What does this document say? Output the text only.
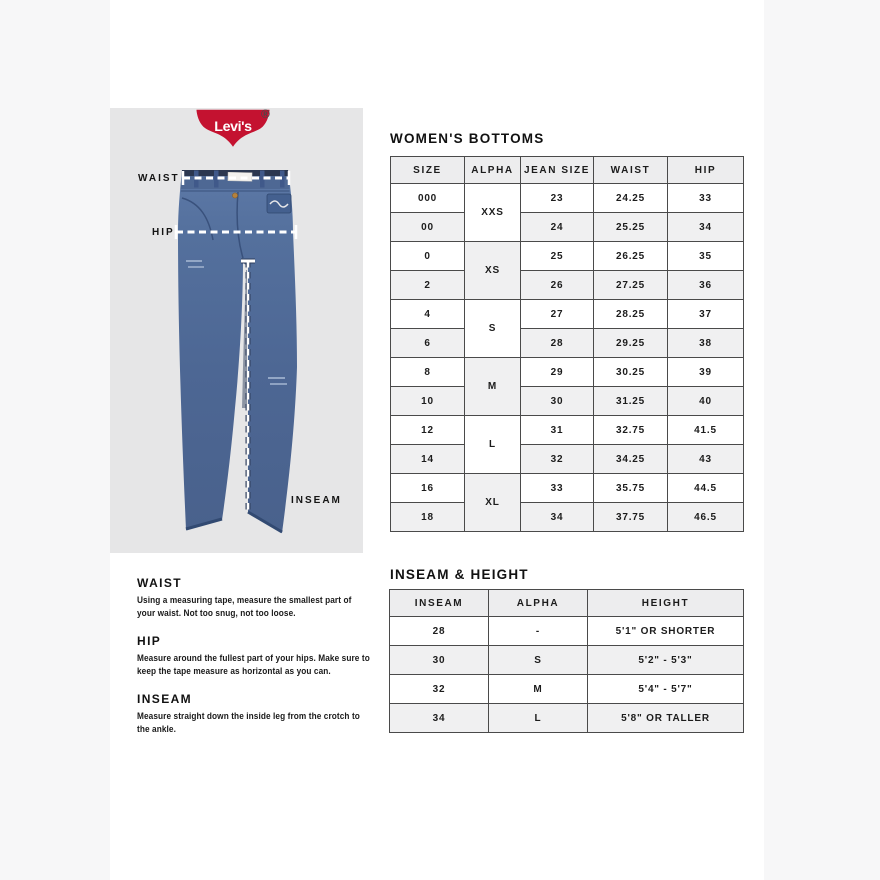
Levi's
®
WAIST
HIP
INSEAM
WOMEN'S BOTTOMS
SIZE	ALPHA	JEAN SIZE	WAIST	HIP
000	XXS	23	24.25	33
00		24	25.25	34
0	XS	25	26.25	35
2		26	27.25	36
4	S	27	28.25	37
6		28	29.25	38
8	M	29	30.25	39
10		30	31.25	40
12	L	31	32.75	41.5
14		32	34.25	43
16	XL	33	35.75	44.5
18		34	37.75	46.5
WAIST

Using a measuring tape, measure the smallest part of your waist. Not too snug, not too loose.

HIP

Measure around the fullest part of your hips. Make sure to keep the tape measure as horizontal as you can.

INSEAM

Measure straight down the inside leg from the crotch to the ankle.

INSEAM & HEIGHT
INSEAM	ALPHA	HEIGHT
28	-	5'1" OR SHORTER
30	S	5'2" - 5'3"
32	M	5'4" - 5'7"
34	L	5'8" OR TALLER
